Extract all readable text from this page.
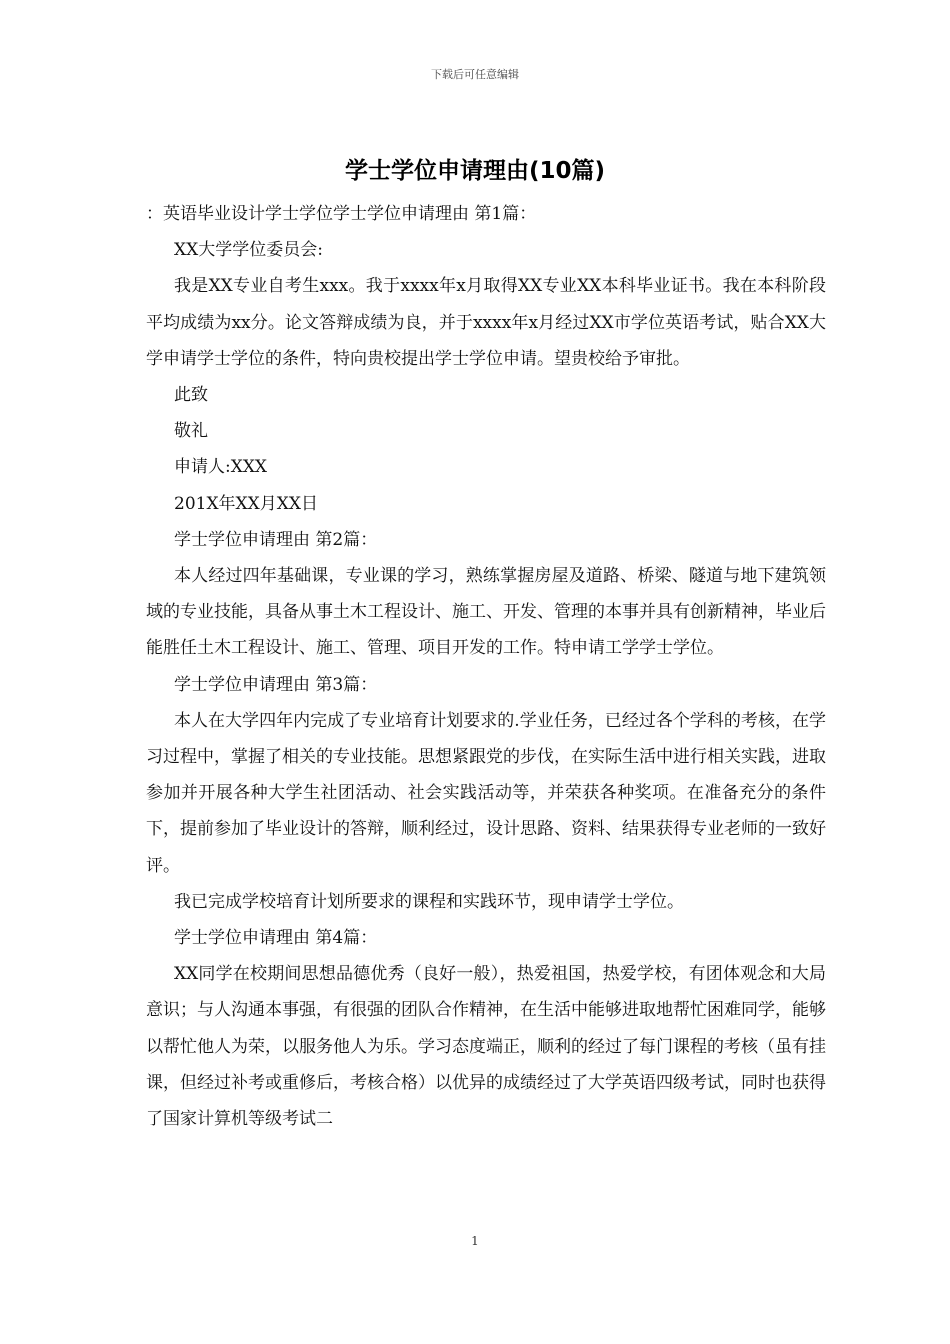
下载后可任意编辑
学士学位申请理由(10篇)

：英语毕业设计学士学位学士学位申请理由 第1篇：

XX大学学位委员会:

我是XX专业自考生xxx。我于xxxx年x月取得XX专业XX本科毕业证书。我在本科阶段平均成绩为xx分。论文答辩成绩为良，并于xxxx年x月经过XX市学位英语考试，贴合XX大学申请学士学位的条件，特向贵校提出学士学位申请。望贵校给予审批。

此致

敬礼

申请人:XXX

201X年XX月XX日

学士学位申请理由 第2篇：

本人经过四年基础课，专业课的学习，熟练掌握房屋及道路、桥梁、隧道与地下建筑领域的专业技能，具备从事土木工程设计、施工、开发、管理的本事并具有创新精神，毕业后能胜任土木工程设计、施工、管理、项目开发的工作。特申请工学学士学位。

学士学位申请理由 第3篇：

本人在大学四年内完成了专业培育计划要求的.学业任务，已经过各个学科的考核，在学习过程中，掌握了相关的专业技能。思想紧跟党的步伐，在实际生活中进行相关实践，进取参加并开展各种大学生社团活动、社会实践活动等，并荣获各种奖项。在准备充分的条件下，提前参加了毕业设计的答辩，顺利经过，设计思路、资料、结果获得专业老师的一致好评。

我已完成学校培育计划所要求的课程和实践环节，现申请学士学位。

学士学位申请理由 第4篇：

XX同学在校期间思想品德优秀（良好一般），热爱祖国，热爱学校，有团体观念和大局意识；与人沟通本事强，有很强的团队合作精神，在生活中能够进取地帮忙困难同学，能够以帮忙他人为荣，以服务他人为乐。学习态度端正，顺利的经过了每门课程的考核（虽有挂课，但经过补考或重修后，考核合格）以优异的成绩经过了大学英语四级考试，同时也获得了国家计算机等级考试二

1
